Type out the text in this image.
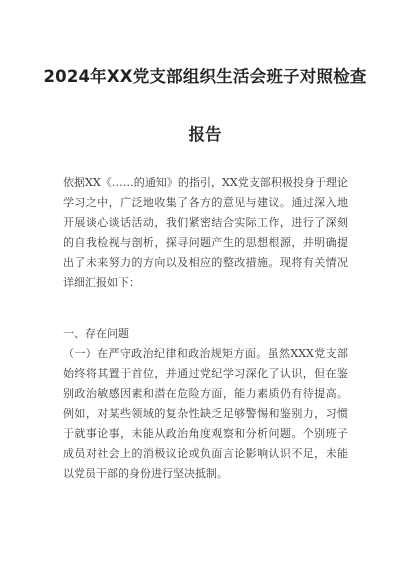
2024年XX党支部组织生活会班子对照检查
报告
依据XX《……的通知》的指引，XX党支部积极投身于理论
学习之中，广泛地收集了各方的意见与建议。通过深入地
开展谈心谈话活动，我们紧密结合实际工作，进行了深刻
的自我检视与剖析，探寻问题产生的思想根源，并明确提
出了未来努力的方向以及相应的整改措施。现将有关情况
详细汇报如下：
一、存在问题
（一）在严守政治纪律和政治规矩方面。虽然XXX党支部
始终将其置于首位，并通过党纪学习深化了认识，但在鉴
别政治敏感因素和潜在危险方面，能力素质仍有待提高。
例如，对某些领域的复杂性缺乏足够警惕和鉴别力，习惯
于就事论事，未能从政治角度观察和分析问题。个别班子
成员对社会上的消极议论或负面言论影响认识不足，未能
以党员干部的身份进行坚决抵制。
